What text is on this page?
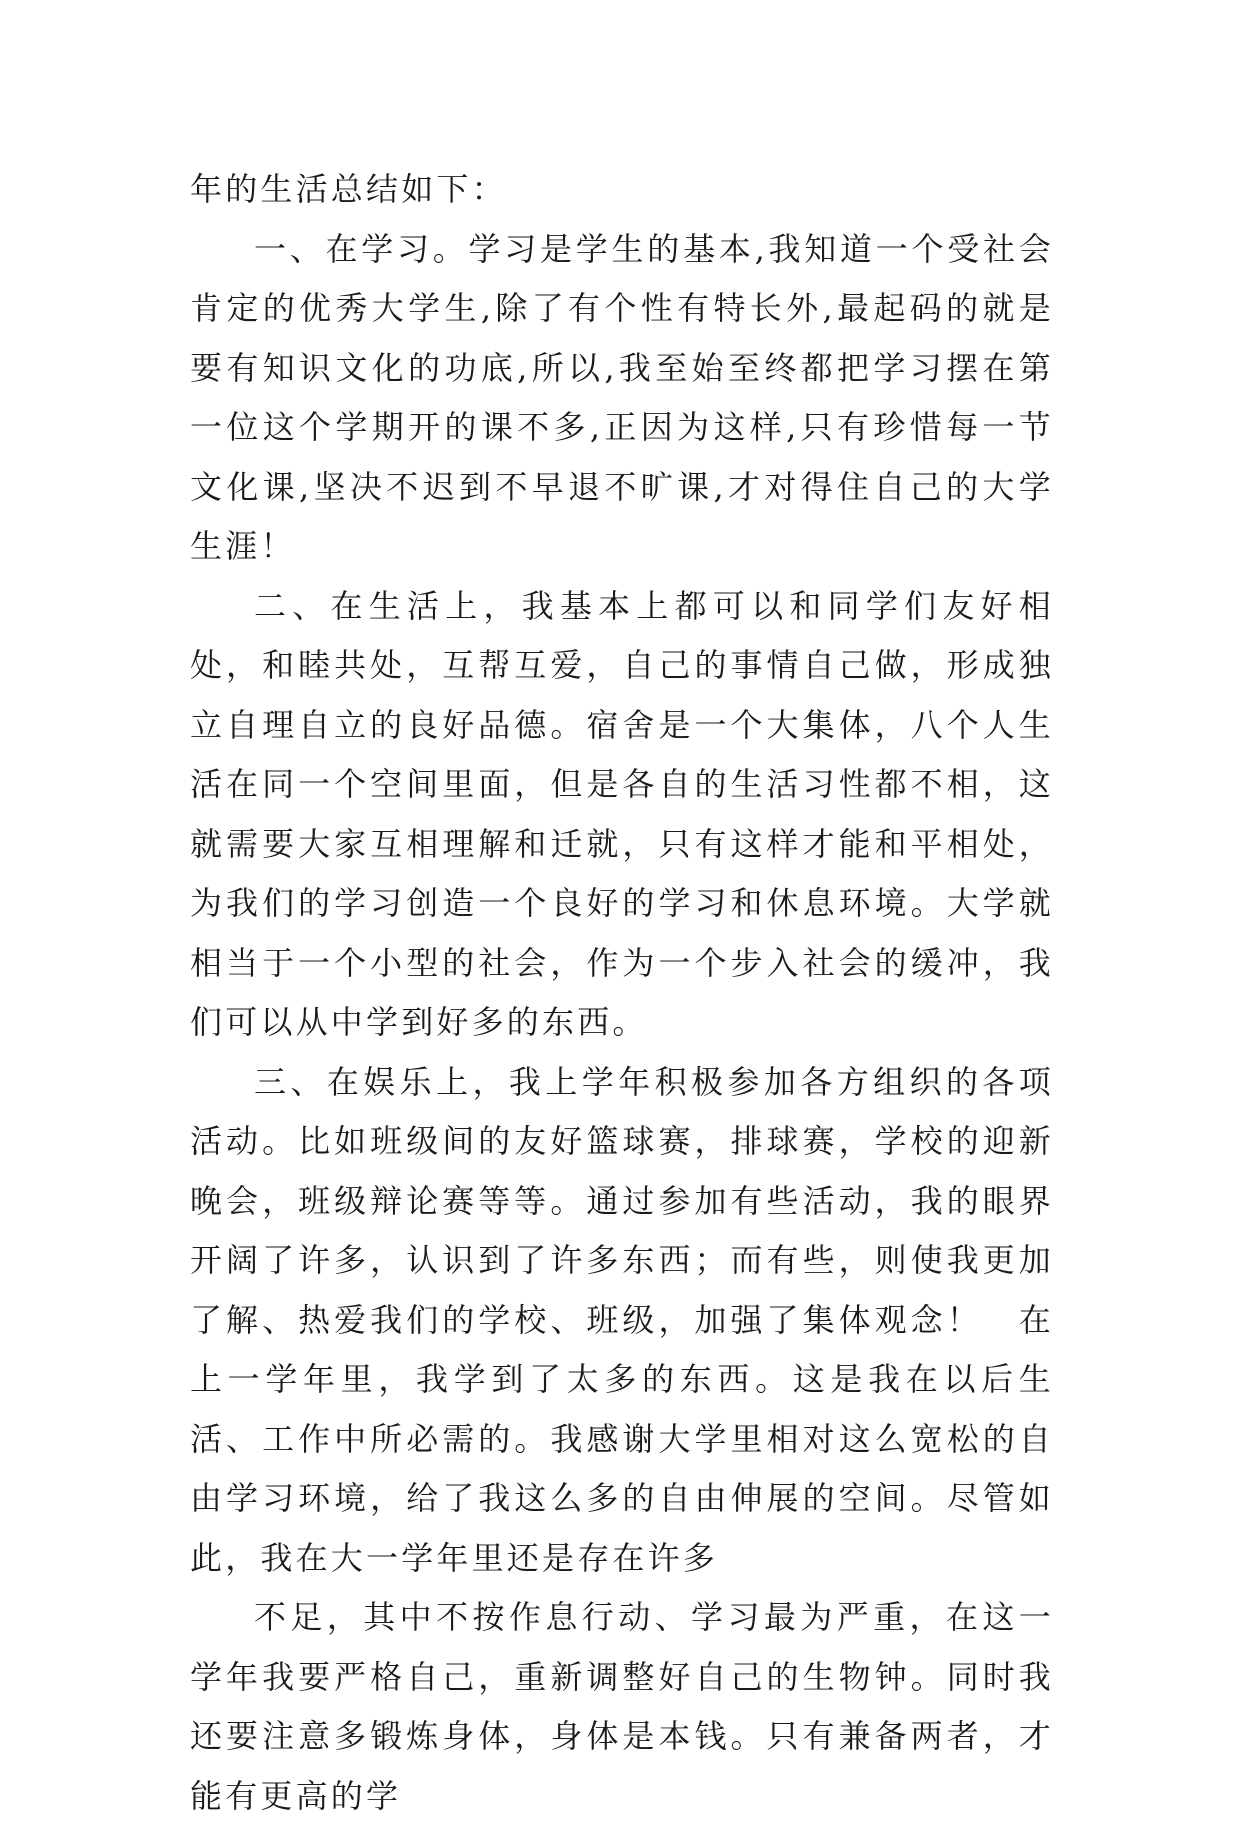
年的生活总结如下：

一、在学习。学习是学生的基本,我知道一个受社会肯定的优秀大学生,除了有个性有特长外,最起码的就是要有知识文化的功底,所以,我至始至终都把学习摆在第一位这个学期开的课不多,正因为这样,只有珍惜每一节文化课,坚决不迟到不早退不旷课,才对得住自己的大学生涯！

二、在生活上，我基本上都可以和同学们友好相处，和睦共处，互帮互爱，自己的事情自己做，形成独立自理自立的良好品德。宿舍是一个大集体，八个人生活在同一个空间里面，但是各自的生活习性都不相，这就需要大家互相理解和迁就，只有这样才能和平相处，为我们的学习创造一个良好的学习和休息环境。大学就相当于一个小型的社会，作为一个步入社会的缓冲，我们可以从中学到好多的东西。

三、在娱乐上，我上学年积极参加各方组织的各项活动。比如班级间的友好篮球赛，排球赛，学校的迎新晚会，班级辩论赛等等。通过参加有些活动，我的眼界开阔了许多，认识到了许多东西；而有些，则使我更加了解、热爱我们的学校、班级，加强了集体观念！　在上一学年里，我学到了太多的东西。这是我在以后生活、工作中所必需的。我感谢大学里相对这么宽松的自由学习环境，给了我这么多的自由伸展的空间。尽管如此，我在大一学年里还是存在许多

不足，其中不按作息行动、学习最为严重，在这一学年我要严格自己，重新调整好自己的生物钟。同时我还要注意多锻炼身体，身体是本钱。只有兼备两者，才能有更高的学
